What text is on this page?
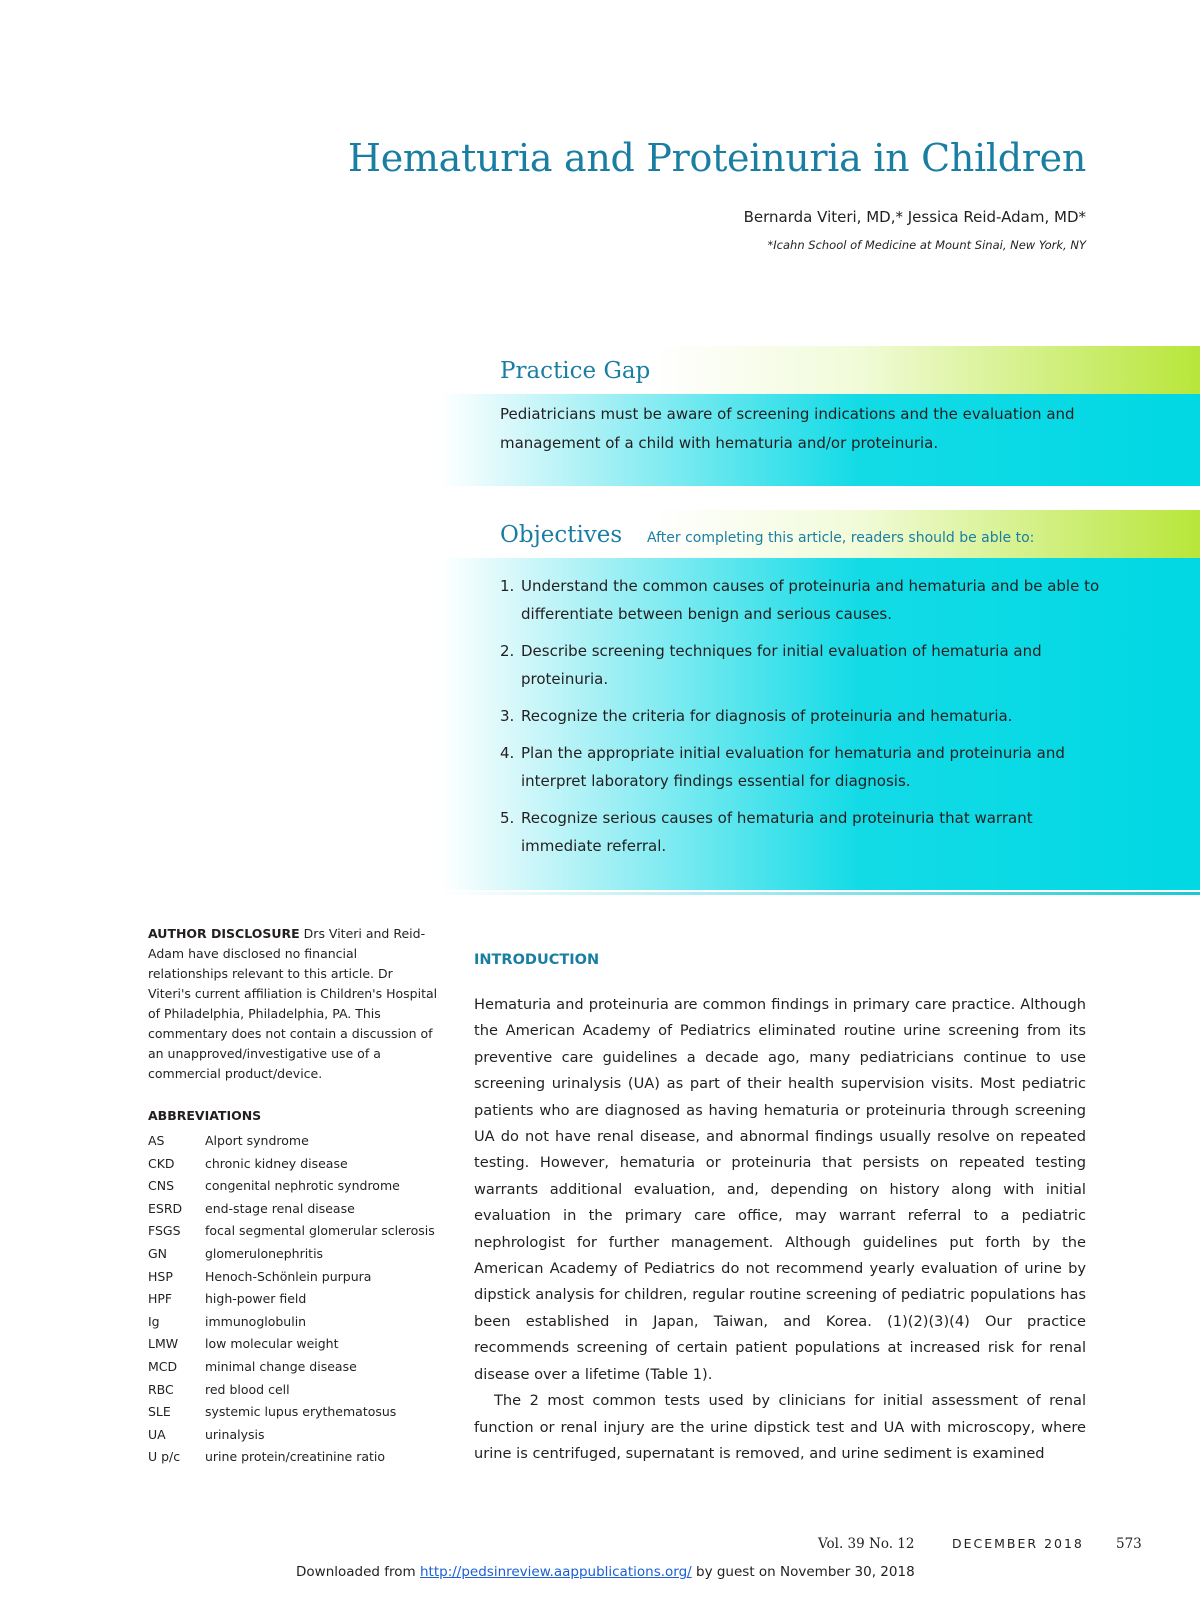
Hematuria and Proteinuria in Children
Bernarda Viteri, MD,* Jessica Reid-Adam, MD*
*Icahn School of Medicine at Mount Sinai, New York, NY
Practice Gap

Pediatricians must be aware of screening indications and the evaluation and management of a child with hematuria and/or proteinuria.

Objectives After completing this article, readers should be able to:
1. Understand the common causes of proteinuria and hematuria and be able to differentiate between benign and serious causes.
2. Describe screening techniques for initial evaluation of hematuria and proteinuria.
3. Recognize the criteria for diagnosis of proteinuria and hematuria.
4. Plan the appropriate initial evaluation for hematuria and proteinuria and interpret laboratory findings essential for diagnosis.
5. Recognize serious causes of hematuria and proteinuria that warrant immediate referral.

AUTHOR DISCLOSURE Drs Viteri and Reid-Adam have disclosed no financial relationships relevant to this article. Dr Viteri's current affiliation is Children's Hospital of Philadelphia, Philadelphia, PA. This commentary does not contain a discussion of an unapproved/investigative use of a commercial product/device.

ABBREVIATIONS
AS	Alport syndrome
CKD	chronic kidney disease
CNS	congenital nephrotic syndrome
ESRD	end-stage renal disease
FSGS	focal segmental glomerular sclerosis
GN	glomerulonephritis
HSP	Henoch-Schönlein purpura
HPF	high-power field
Ig	immunoglobulin
LMW	low molecular weight
MCD	minimal change disease
RBC	red blood cell
SLE	systemic lupus erythematosus
UA	urinalysis
U p/c	urine protein/creatinine ratio
INTRODUCTION

Hematuria and proteinuria are common findings in primary care practice. Although the American Academy of Pediatrics eliminated routine urine screening from its preventive care guidelines a decade ago, many pediatricians continue to use screening urinalysis (UA) as part of their health supervision visits. Most pediatric patients who are diagnosed as having hematuria or proteinuria through screening UA do not have renal disease, and abnormal findings usually resolve on repeated testing. However, hematuria or proteinuria that persists on repeated testing warrants additional evaluation, and, depending on history along with initial evaluation in the primary care office, may warrant referral to a pediatric nephrologist for further management. Although guidelines put forth by the American Academy of Pediatrics do not recommend yearly evaluation of urine by dipstick analysis for children, regular routine screening of pediatric populations has been established in Japan, Taiwan, and Korea. (1)(2)(3)(4) Our practice recommends screening of certain patient populations at increased risk for renal disease over a lifetime (Table 1).

The 2 most common tests used by clinicians for initial assessment of renal function or renal injury are the urine dipstick test and UA with microscopy, where urine is centrifuged, supernatant is removed, and urine sediment is examined

Vol. 39 No. 12	DECEMBER 2018 573
Downloaded from http://pedsinreview.aappublications.org/ by guest on November 30, 2018
